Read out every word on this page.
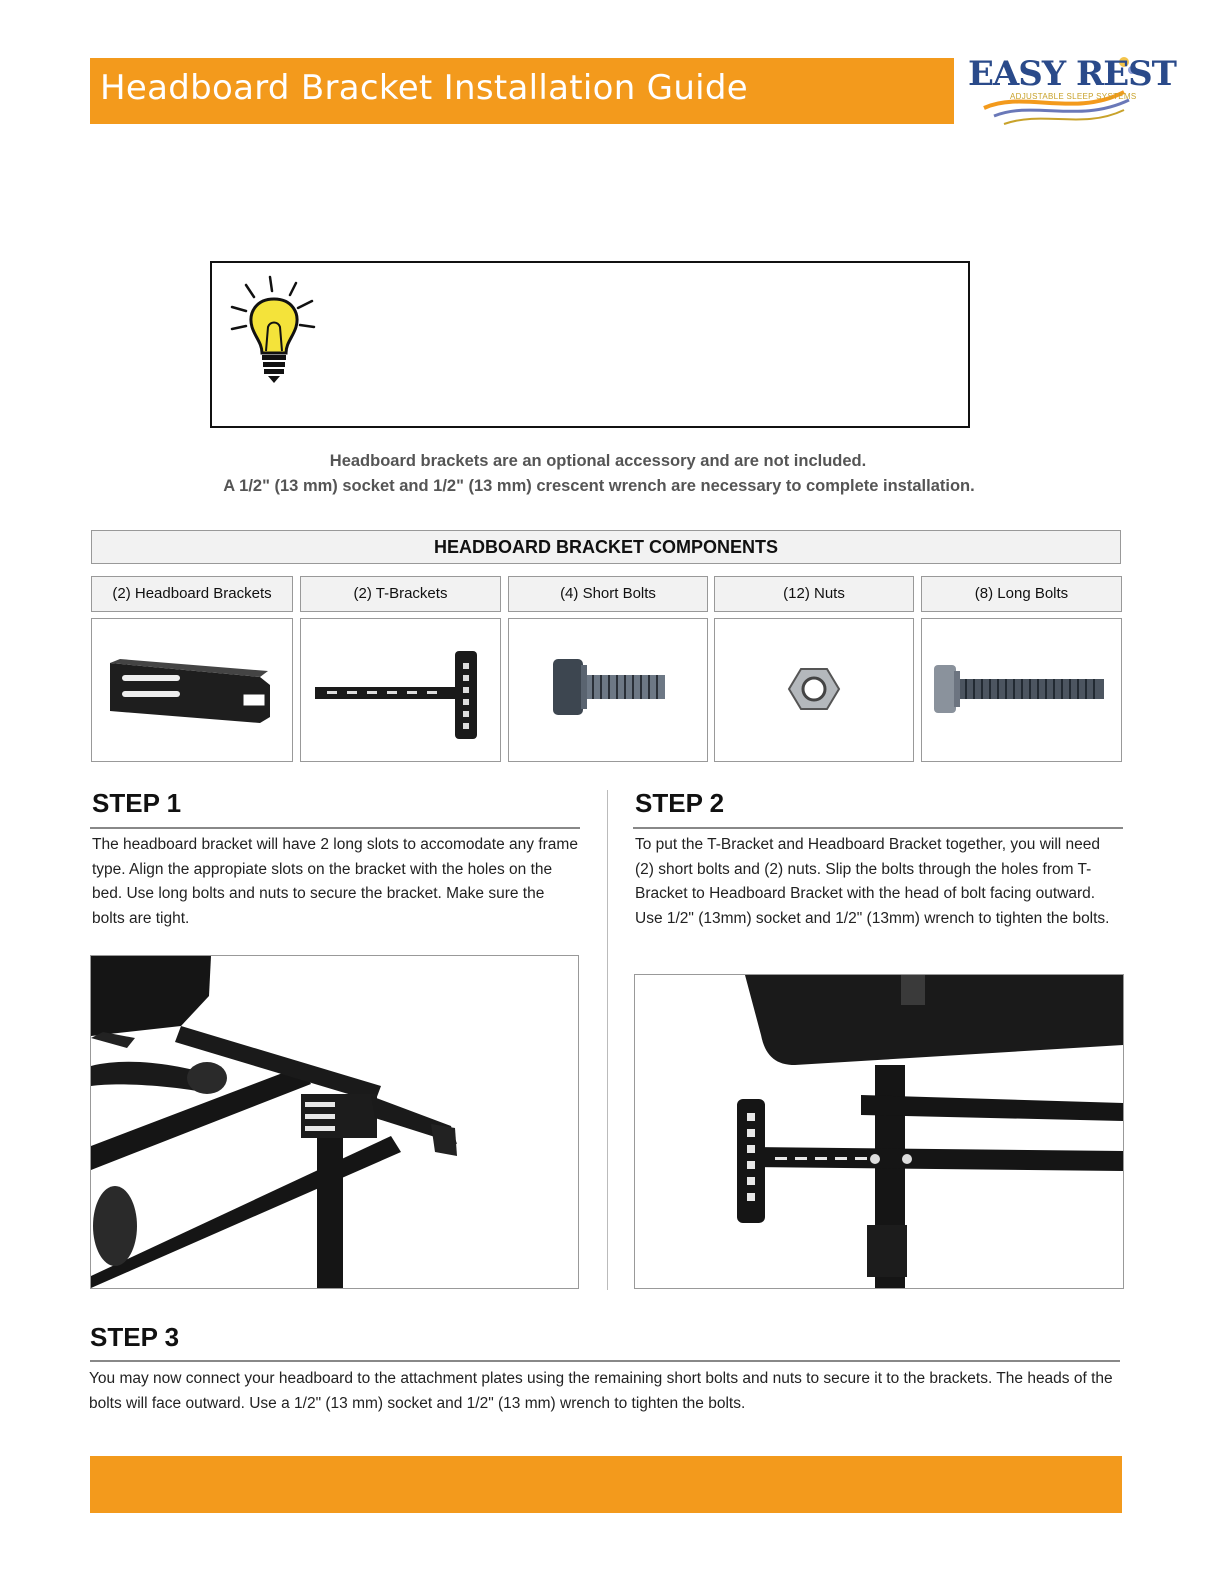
Headboard Bracket Installation Guide	EASY REST
ADJUSTABLE SLEEP SYSTEMS
Headboard brackets are an optional accessory and are not included.
A 1/2" (13 mm) socket and 1/2" (13 mm) crescent wrench are necessary to complete installation.
HEADBOARD BRACKET COMPONENTS
(2) Headboard Brackets	(2) T-Brackets	(4) Short Bolts	(12) Nuts	(8) Long Bolts
STEP 1
The headboard bracket will have 2 long slots to accomodate any frame type. Align the appropiate slots on the bracket with the holes on the bed. Use long bolts and nuts to secure the bracket. Make sure the bolts are tight.
STEP 2
To put the T-Bracket and Headboard Bracket together, you will need (2) short bolts and (2) nuts. Slip the bolts through the holes from T-Bracket to Headboard Bracket with the head of bolt facing outward. Use 1/2" (13mm) socket and 1/2" (13mm) wrench to tighten the bolts.
STEP 3
You may now connect your headboard to the attachment plates using the remaining short bolts and nuts to secure it to the brackets. The heads of the bolts will face outward. Use a 1/2" (13 mm) socket and 1/2" (13 mm) wrench to tighten the bolts.
